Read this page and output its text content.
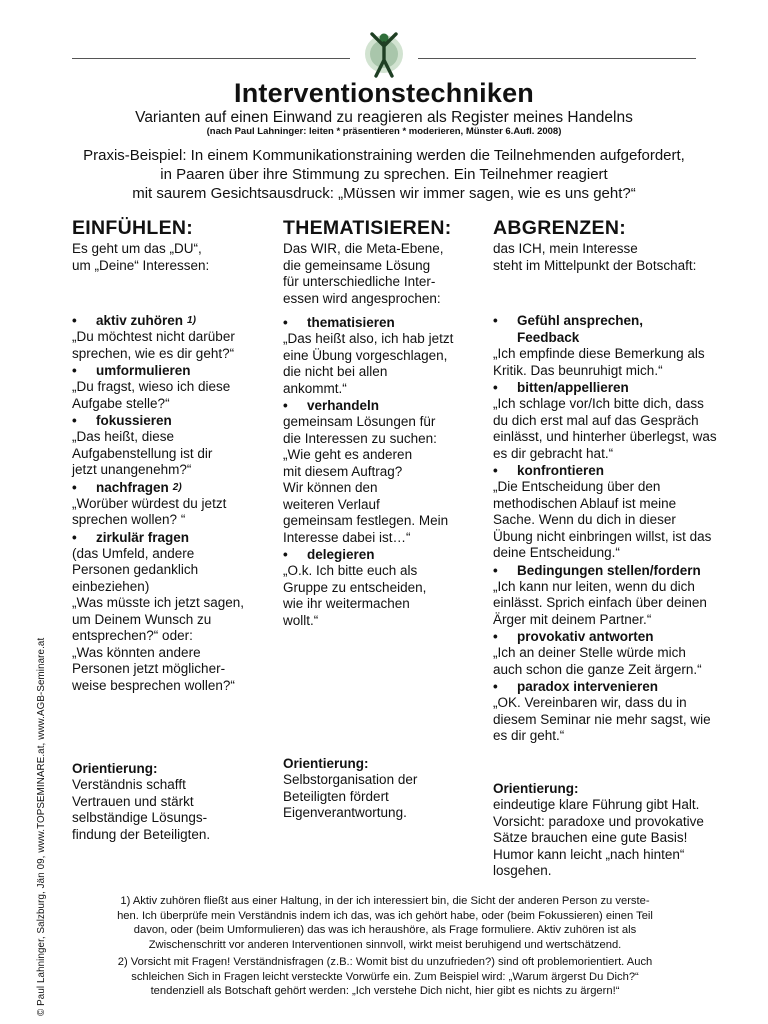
Interventionstechniken
Varianten auf einen Einwand zu reagieren als Register meines Handelns
(nach Paul Lahninger: leiten * präsentieren * moderieren, Münster 6.Aufl. 2008)
Praxis-Beispiel: In einem Kommunikationstraining werden die Teilnehmenden aufgefordert,
in Paaren über ihre Stimmung zu sprechen. Ein Teilnehmer reagiert
mit saurem Gesichtsausdruck: „Müssen wir immer sagen, wie es uns geht?“
EINFÜHLEN:
Es geht um das „DU“,
um „Deine“ Interessen:
•	aktiv zuhören 1)
„Du möchtest nicht darüber
sprechen, wie es dir geht?“
•	umformulieren
„Du fragst, wieso ich diese
Aufgabe stelle?“
•	fokussieren
„Das heißt, diese
Aufgabenstellung ist dir
jetzt unangenehm?“
•	nachfragen 2)
„Worüber würdest du jetzt
sprechen wollen? “
•	zirkulär fragen
(das Umfeld, andere
Personen gedanklich
einbeziehen)
„Was müsste ich jetzt sagen,
um Deinem Wunsch zu
entsprechen?“ oder:
„Was könnten andere
Personen jetzt möglicher-
weise besprechen wollen?“
Orientierung:
Verständnis schafft
Vertrauen und stärkt
selbständige Lösungs-
findung der Beteiligten.
THEMATISIEREN:
Das WIR, die Meta-Ebene,
die gemeinsame Lösung
für unterschiedliche Inter-
essen wird angesprochen:
•	thematisieren
„Das heißt also, ich hab jetzt
eine Übung vorgeschlagen,
die nicht bei allen
ankommt.“
•	verhandeln
gemeinsam Lösungen für
die Interessen zu suchen:
„Wie geht es anderen
mit diesem Auftrag?
Wir können den
weiteren Verlauf
gemeinsam festlegen. Mein
Interesse dabei ist…“
•	delegieren
„O.k. Ich bitte euch als
Gruppe zu entscheiden,
wie ihr weitermachen
wollt.“
Orientierung:
Selbstorganisation der
Beteiligten fördert
Eigenverantwortung.
ABGRENZEN:
das ICH, mein Interesse
steht im Mittelpunkt der Botschaft:
•	Gefühl ansprechen,
Feedback
„Ich empfinde diese Bemerkung als
Kritik. Das beunruhigt mich.“
•	bitten/appellieren
„Ich schlage vor/Ich bitte dich, dass
du dich erst mal auf das Gespräch
einlässt, und hinterher überlegst, was
es dir gebracht hat.“
•	konfrontieren
„Die Entscheidung über den
methodischen Ablauf ist meine
Sache. Wenn du dich in dieser
Übung nicht einbringen willst, ist das
deine Entscheidung.“
•	Bedingungen stellen/fordern
„Ich kann nur leiten, wenn du dich
einlässt. Sprich einfach über deinen
Ärger mit deinem Partner.“
•	provokativ antworten
„Ich an deiner Stelle würde mich
auch schon die ganze Zeit ärgern.“
•	paradox intervenieren
„OK. Vereinbaren wir, dass du in
diesem Seminar nie mehr sagst, wie
es dir geht.“
Orientierung:
eindeutige klare Führung gibt Halt.
Vorsicht: paradoxe und provokative
Sätze brauchen eine gute Basis!
Humor kann leicht „nach hinten“
losgehen.
1) Aktiv zuhören fließt aus einer Haltung, in der ich interessiert bin, die Sicht der anderen Person zu verste-
hen. Ich überprüfe mein Verständnis indem ich das, was ich gehört habe, oder (beim Fokussieren) einen Teil
davon, oder (beim Umformulieren) das was ich heraushöre, als Frage formuliere. Aktiv zuhören ist als
Zwischenschritt vor anderen Interventionen sinnvoll, wirkt meist beruhigend und wertschätzend.
2) Vorsicht mit Fragen! Verständnisfragen (z.B.: Womit bist du unzufrieden?) sind oft problemorientiert. Auch
schleichen Sich in Fragen leicht versteckte Vorwürfe ein. Zum Beispiel wird: „Warum ärgerst Du Dich?“
tendenziell als Botschaft gehört werden: „Ich verstehe Dich nicht, hier gibt es nichts zu ärgern!“
© Paul Lahninger, Salzburg, Jän 09, www.TOPSEMINARE.at, www.AGB-Seminare.at
